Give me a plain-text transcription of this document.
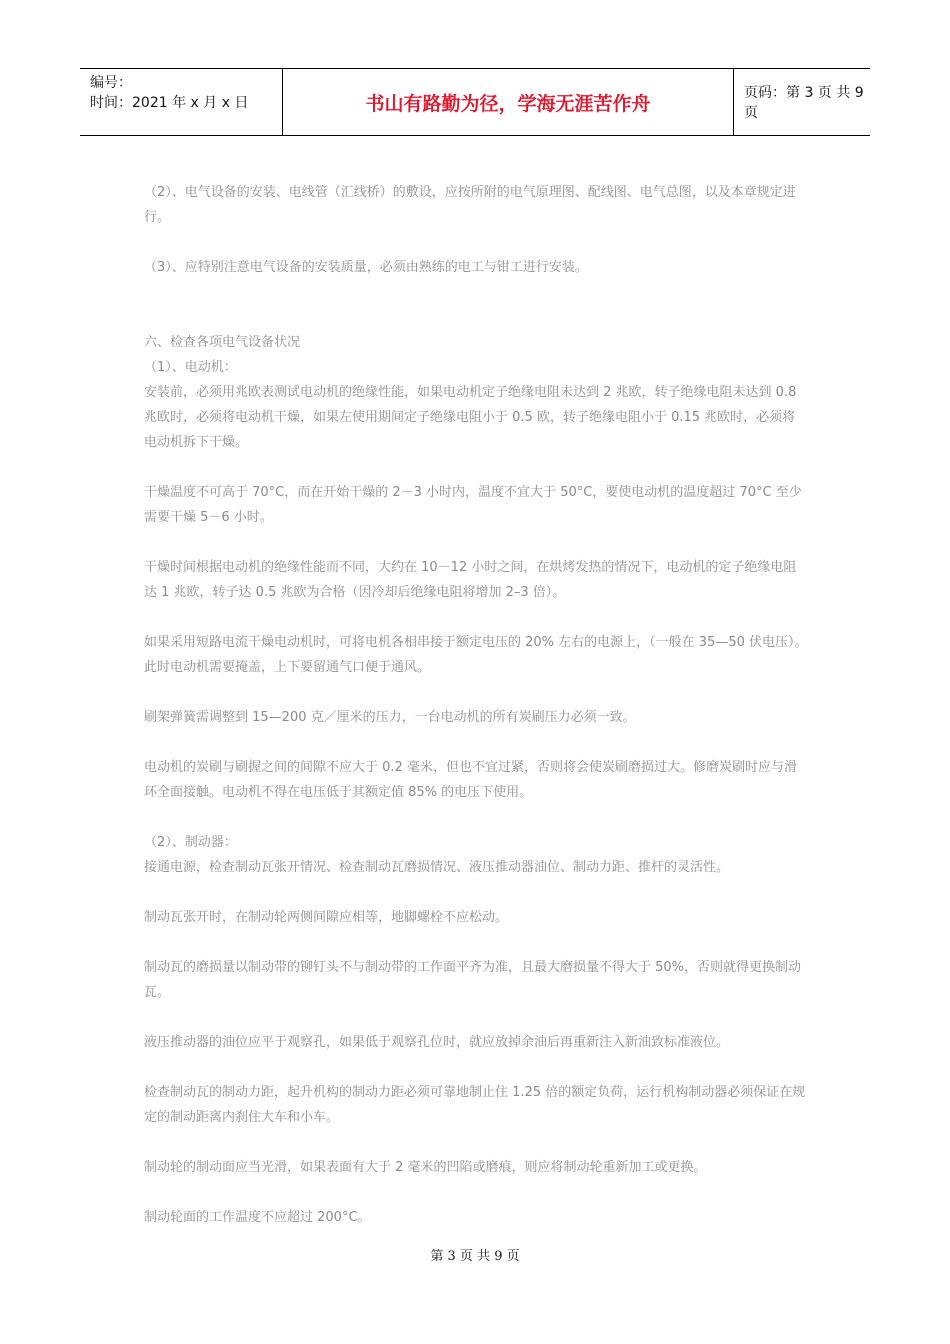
编号：
时间：2021 年 x 月 x 日	书山有路勤为径，学海无涯苦作舟	页码：第 3 页 共 9 页

（2）、电气设备的安装、电线管（汇线桥）的敷设，应按所附的电气原理图、配线图、电气总图，以及本章规定进行。

（3）、应特别注意电气设备的安装质量，必须由熟练的电工与钳工进行安装。

六、检查各项电气设备状况

（1）、电动机：

安装前，必须用兆欧表测试电动机的绝缘性能，如果电动机定子绝缘电阻未达到 2 兆欧，转子绝缘电阻未达到 0.8 兆欧时，必须将电动机干燥，如果左使用期间定子绝缘电阻小于 0.5 欧，转子绝缘电阻小于 0.15 兆欧时，必须将电动机拆下干燥。

干燥温度不可高于 70°C，而在开始干燥的 2－3 小时内，温度不宜大于 50°C，要使电动机的温度超过 70°C 至少需要干燥 5－6 小时。

干燥时间根据电动机的绝缘性能而不同，大约在 10－12 小时之间，在烘烤发热的情况下，电动机的定子绝缘电阻达 1 兆欧，转子达 0.5 兆欧为合格（因冷却后绝缘电阻将增加 2–3 倍）。

如果采用短路电流干燥电动机时，可将电机各相串接于额定电压的 20% 左右的电源上，（一般在 35—50 伏电压）。此时电动机需要掩盖，上下要留通气口便于通风。

刷架弹簧需调整到 15—200 克／厘米的压力，一台电动机的所有炭刷压力必须一致。

电动机的炭刷与刷握之间的间隙不应大于 0.2 毫米，但也不宜过紧，否则将会使炭刷磨损过大。修磨炭刷时应与滑环全面接触。电动机不得在电压低于其额定值 85% 的电压下使用。

（2）、制动器：

接通电源，检查制动瓦张开情况、检查制动瓦磨损情况、液压推动器油位、制动力距、推杆的灵活性。

制动瓦张开时，在制动轮两侧间隙应相等，地脚螺栓不应松动。

制动瓦的磨损量以制动带的铆钉头不与制动带的工作面平齐为准，且最大磨损量不得大于 50%，否则就得更换制动瓦。

液压推动器的油位应平于观察孔，如果低于观察孔位时，就应放掉余油后再重新注入新油致标准液位。

检查制动瓦的制动力距，起升机构的制动力距必须可靠地制止住 1.25 倍的额定负荷，运行机构制动器必须保证在规定的制动距离内刹住大车和小车。

制动轮的制动面应当光滑，如果表面有大于 2 毫米的凹陷或磨痕，则应将制动轮重新加工或更换。

制动轮面的工作温度不应超过 200°C。

第 3 页 共 9 页
